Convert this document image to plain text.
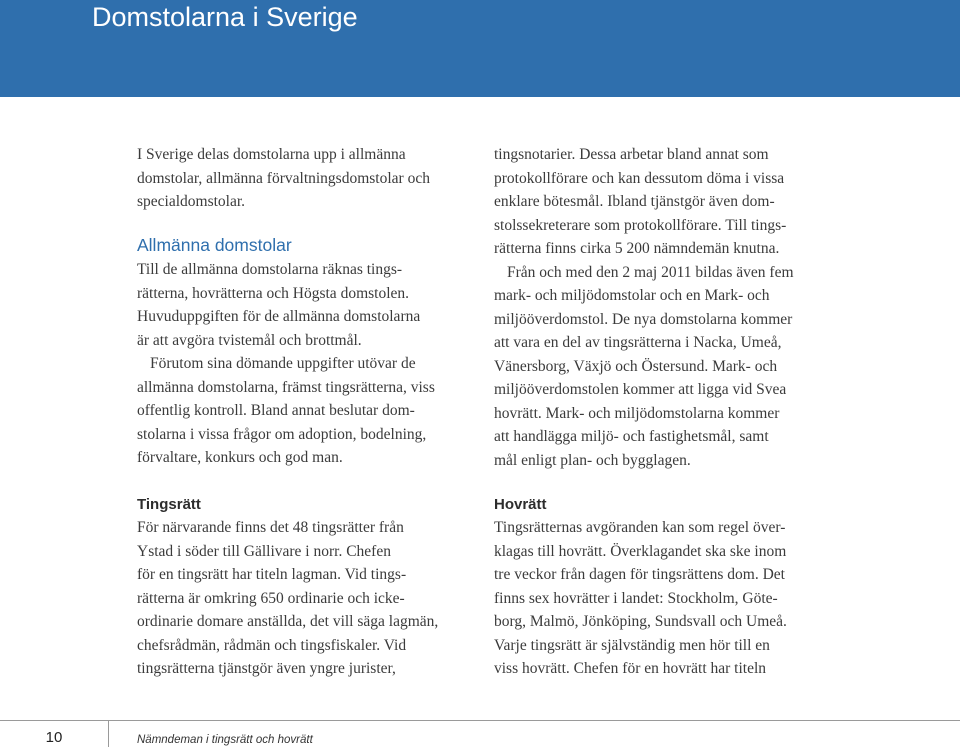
Domstolarna i Sverige
I Sverige delas domstolarna upp i allmänna
domstolar, allmänna förvaltningsdomstolar och
specialdomstolar.
Allmänna domstolar
Till de allmänna domstolarna räknas tings-
rätterna, hovrätterna och Högsta domstolen.
Huvuduppgiften för de allmänna domstolarna
är att avgöra tvistemål och brottmål.
Förutom sina dömande uppgifter utövar de
allmänna domstolarna, främst tingsrätterna, viss
offentlig kontroll. Bland annat beslutar dom-
stolarna i vissa frågor om adoption, bodelning,
förvaltare, konkurs och god man.
Tingsrätt
För närvarande finns det 48 tingsrätter från
Ystad i söder till Gällivare i norr. Chefen
för en tingsrätt har titeln lagman. Vid tings-
rätterna är omkring 650 ordinarie och icke-
ordinarie domare anställda, det vill säga lagmän,
chefsrådmän, rådmän och tingsfiskaler. Vid
tingsrätterna tjänstgör även yngre jurister,
tingsnotarier. Dessa arbetar bland annat som
protokollförare och kan dessutom döma i vissa
enklare bötesmål. Ibland tjänstgör även dom-
stolssekreterare som protokollförare. Till tings-
rätterna finns cirka 5 200 nämndemän knutna.
Från och med den 2 maj 2011 bildas även fem
mark- och miljödomstolar och en Mark- och
miljööverdomstol. De nya domstolarna kommer
att vara en del av tingsrätterna i Nacka, Umeå,
Vänersborg, Växjö och Östersund. Mark- och
miljööverdomstolen kommer att ligga vid Svea
hovrätt. Mark- och miljödomstolarna kommer
att handlägga miljö- och fastighetsmål, samt
mål enligt plan- och bygglagen.
Hovrätt
Tingsrätternas avgöranden kan som regel över-
klagas till hovrätt. Överklagandet ska ske inom
tre veckor från dagen för tingsrättens dom. Det
finns sex hovrätter i landet: Stockholm, Göte-
borg, Malmö, Jönköping, Sundsvall och Umeå.
Varje tingsrätt är självständig men hör till en
viss hovrätt. Chefen för en hovrätt har titeln
10	Nämndeman i tingsrätt och hovrätt
